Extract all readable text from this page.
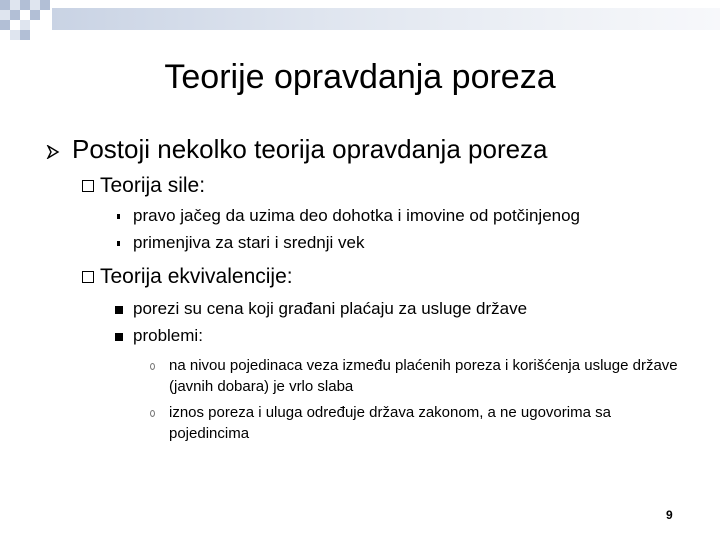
Teorije opravdanja poreza
Postoji nekolko teorija opravdanja poreza
Teorija sile:
pravo jačeg da uzima deo dohotka i imovine od potčinjenog
primenjiva za stari i srednji vek
Teorija ekvivalencije:
porezi su cena koji građani plaćaju za usluge države
problemi:
na nivou pojedinaca veza između plaćenih poreza i korišćenja usluge države (javnih dobara) je vrlo slaba
iznos poreza i uluga određuje država zakonom, a ne ugovorima sa pojedincima
9
